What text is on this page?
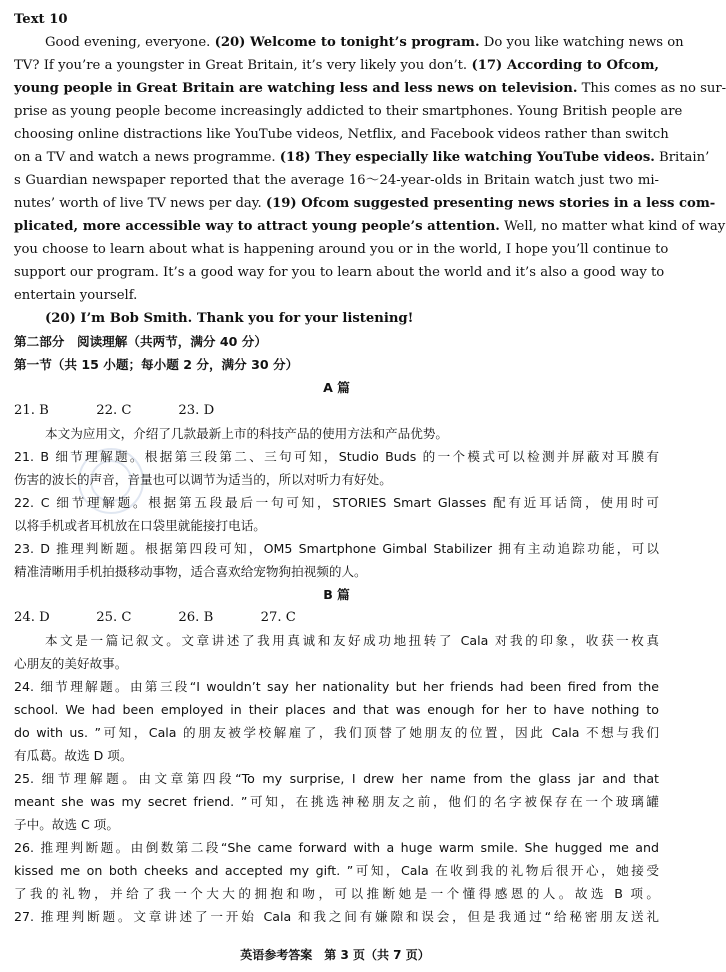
Text 10
Good evening, everyone. (20) Welcome to tonight’s program. Do you like watching news on
TV? If you’re a youngster in Great Britain, it’s very likely you don’t. (17) According to Ofcom,
young people in Great Britain are watching less and less news on television. This comes as no sur-
prise as young people become increasingly addicted to their smartphones. Young British people are
choosing online distractions like YouTube videos, Netflix, and Facebook videos rather than switch
on a TV and watch a news programme. (18) They especially like watching YouTube videos. Britain’
s Guardian newspaper reported that the average 16～24-year-olds in Britain watch just two mi-
nutes’ worth of live TV news per day. (19) Ofcom suggested presenting news stories in a less com-
plicated, more accessible way to attract young people’s attention. Well, no matter what kind of way
you choose to learn about what is happening around you or in the world, I hope you’ll continue to
support our program. It’s a good way for you to learn about the world and it’s also a good way to
entertain yourself.
(20) I’m Bob Smith. Thank you for your listening!
第二部分　阅读理解（共两节，满分 40 分）
第一节（共 15 小题；每小题 2 分，满分 30 分）
A 篇
21. B	22. C	23. D
本文为应用文，介绍了几款最新上市的科技产品的使用方法和产品优势。
21. B 细节理解题。根据第三段第二、三句可知，Studio Buds 的一个模式可以检测并屏蔽对耳膜有
伤害的波长的声音，音量也可以调节为适当的，所以对听力有好处。
22. C 细节理解题。根据第五段最后一句可知，STORIES Smart Glasses 配有近耳话筒，使用时可
以将手机或者耳机放在口袋里就能接打电话。
23. D 推理判断题。根据第四段可知，OM5 Smartphone Gimbal Stabilizer 拥有主动追踪功能，可以
精准清晰用手机拍摄移动事物，适合喜欢给宠物狗拍视频的人。
B 篇
24. D	25. C	26. B	27. C
本文是一篇记叙文。文章讲述了我用真诚和友好成功地扭转了 Cala 对我的印象，收获一枚真
心朋友的美好故事。
24. 细节理解题。由第三段“I wouldn’t say her nationality but her friends had been fired from the
school. We had been employed in their places and that was enough for her to have nothing to
do with us. ”可知，Cala 的朋友被学校解雇了，我们顶替了她朋友的位置，因此 Cala 不想与我们
有瓜葛。故选 D 项。
25. 细节理解题。由文章第四段“To my surprise, I drew her name from the glass jar and that
meant she was my secret friend. ”可知，在挑选神秘朋友之前，他们的名字被保存在一个玻璃罐
子中。故选 C 项。
26. 推理判断题。由倒数第二段“She came forward with a huge warm smile. She hugged me and
kissed me on both cheeks and accepted my gift. ”可知，Cala 在收到我的礼物后很开心，她接受
了我的礼物，并给了我一个大大的拥抱和吻，可以推断她是一个懂得感恩的人。故选 B 项。
27. 推理判断题。文章讲述了一开始 Cala 和我之间有嫌隙和误会，但是我通过“给秘密朋友送礼
英语参考答案　第 3 页（共 7 页）
